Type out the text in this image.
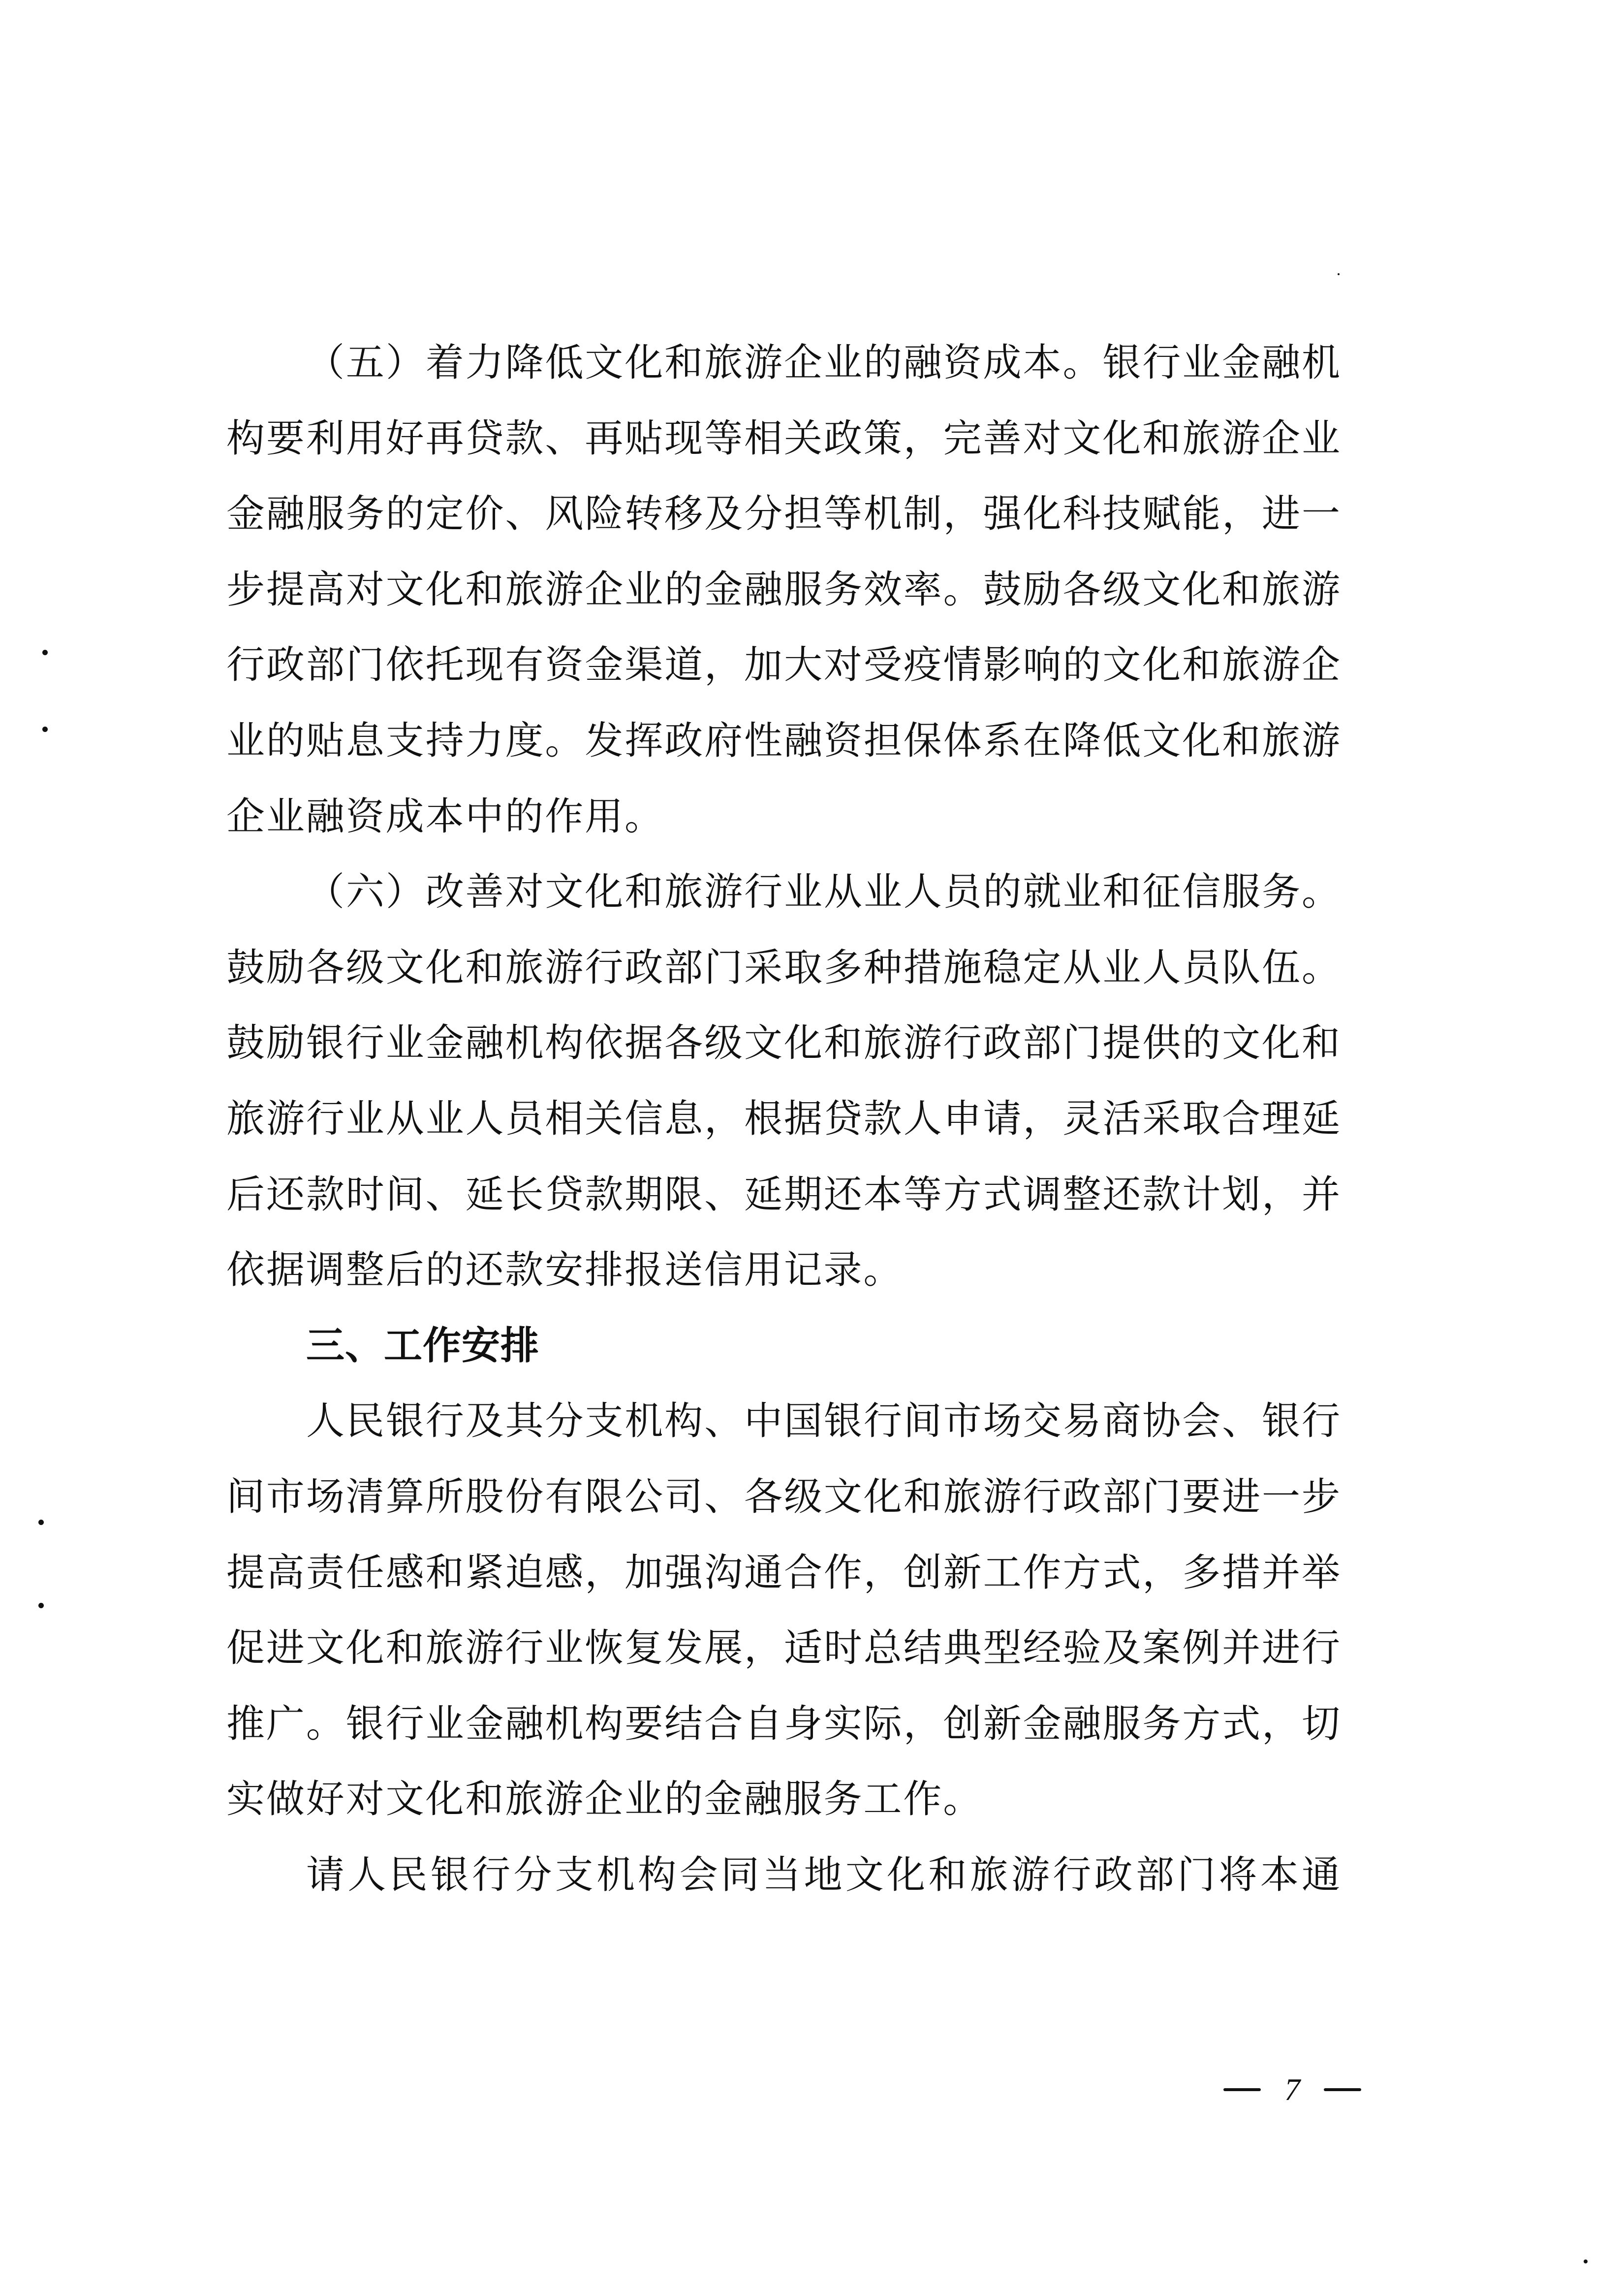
（五）着力降低文化和旅游企业的融资成本。银行业金融机
构要利用好再贷款、再贴现等相关政策，完善对文化和旅游企业
金融服务的定价、风险转移及分担等机制，强化科技赋能，进一
步提高对文化和旅游企业的金融服务效率。鼓励各级文化和旅游
行政部门依托现有资金渠道，加大对受疫情影响的文化和旅游企
业的贴息支持力度。发挥政府性融资担保体系在降低文化和旅游
企业融资成本中的作用。
（六）改善对文化和旅游行业从业人员的就业和征信服务。
鼓励各级文化和旅游行政部门采取多种措施稳定从业人员队伍。
鼓励银行业金融机构依据各级文化和旅游行政部门提供的文化和
旅游行业从业人员相关信息，根据贷款人申请，灵活采取合理延
后还款时间、延长贷款期限、延期还本等方式调整还款计划，并
依据调整后的还款安排报送信用记录。
三、工作安排
人民银行及其分支机构、中国银行间市场交易商协会、银行
间市场清算所股份有限公司、各级文化和旅游行政部门要进一步
提高责任感和紧迫感，加强沟通合作，创新工作方式，多措并举
促进文化和旅游行业恢复发展，适时总结典型经验及案例并进行
推广。银行业金融机构要结合自身实际，创新金融服务方式，切
实做好对文化和旅游企业的金融服务工作。
请人民银行分支机构会同当地文化和旅游行政部门将本通
7
